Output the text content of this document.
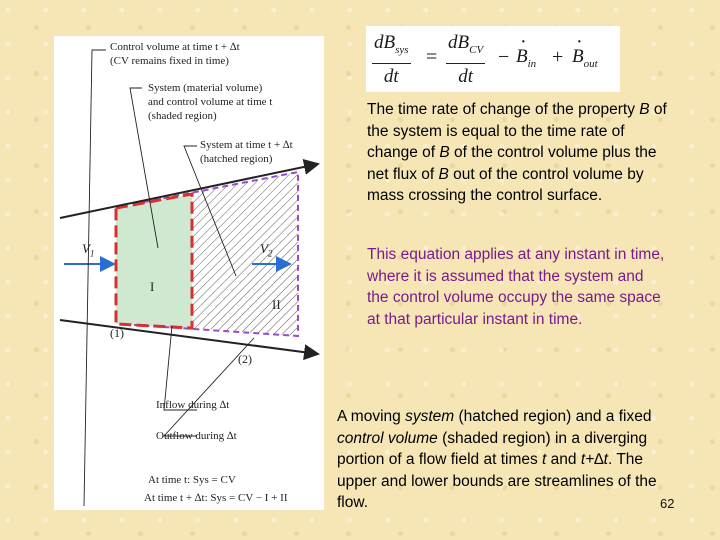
Control volume at time t + ∆t
(CV remains fixed in time)
System (material volume)
and control volume at time t
(shaded region)
System at time t + ∆t
(hatched region)
$V_1$	$V_2$
I
II
(1)
(2)
Inflow during ∆t
Outflow during ∆t
At time t: Sys = CV
At time t + ∆t: Sys = CV − I + II
$dB_{sys}$
dt
=
$dB_{CV}$
dt
− · $B_{in}$ + · $B_{out}$

The time rate of change of the property B of the system is equal to the time rate of change of B of the control volume plus the net flux of B out of the control volume by mass crossing the control surface.

This equation applies at any instant in time, where it is assumed that the system and the control volume occupy the same space at that particular instant in time.

A moving system (hatched region) and a fixed control volume (shaded region) in a diverging portion of a flow field at times t and t+∆t. The upper and lower bounds are streamlines of the flow.	62
